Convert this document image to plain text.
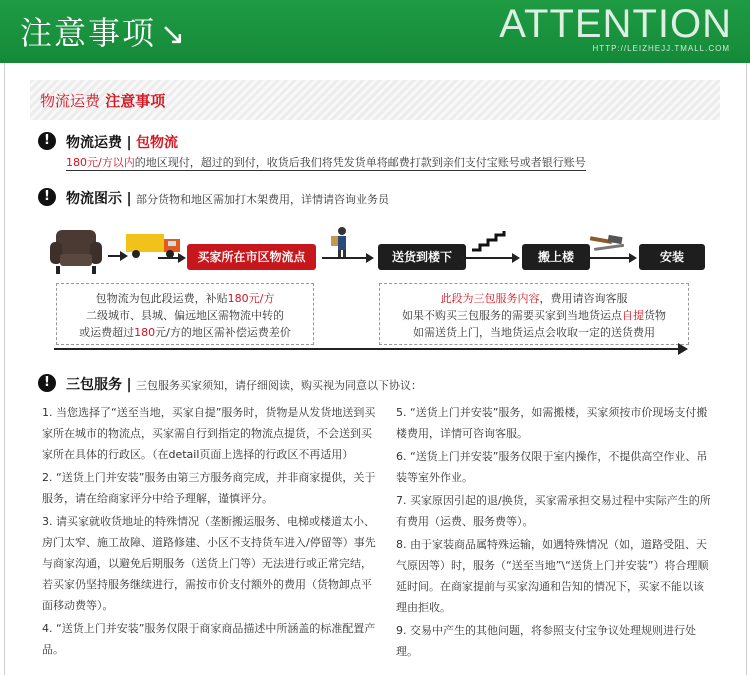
注意事项 ↘	ATTENTION
HTTP://LEIZHEJJ.TMALL.COM
物流运费 注意事项
!	物流运费 | 包物流
180元/方以内的地区现付，超过的到付，收货后我们将凭发货单将邮费打款到亲们支付宝账号或者银行账号
!	物流图示 | 部分货物和地区需加打木架费用，详情请咨询业务员
买家所在市区物流点	送货到楼下	搬上楼	安装
包物流为包此段运费，补贴180元/方
二级城市、县城、偏远地区需物流中转的
或运费超过180元/方的地区需补偿运费差价
此段为三包服务内容，费用请咨询客服
如果不购买三包服务的需要买家到当地货运点自提货物
如需送货上门，当地货运点会收取一定的送货费用
!	三包服务 | 三包服务买家须知，请仔细阅读，购买视为同意以下协议：

1. 当您选择了“送至当地，买家自提”服务时，货物是从发货地送到买家所在城市的物流点，买家需自行到指定的物流点提货，不会送到买家所在具体的行政区。（在detail页面上选择的行政区不再适用）

2. “送货上门并安装”服务由第三方服务商完成，并非商家提供，关于服务，请在给商家评分中给予理解，谨慎评分。

3. 请买家就收货地址的特殊情况（垄断搬运服务、电梯或楼道太小、房门太窄、施工故障、道路修建、小区不支持货车进入/停留等）事先与商家沟通，以避免后期服务（送货上门等）无法进行或正常完结，若买家仍坚持服务继续进行，需按市价支付额外的费用（货物卸点平面移动费等）。

4. “送货上门并安装”服务仅限于商家商品描述中所涵盖的标准配置产品。

5. “送货上门并安装”服务，如需搬楼，买家须按市价现场支付搬楼费用，详情可咨询客服。

6. “送货上门并安装”服务仅限于室内操作，不提供高空作业、吊装等室外作业。

7. 买家原因引起的退/换货，买家需承担交易过程中实际产生的所有费用（运费、服务费等）。

8. 由于家装商品属特殊运输，如遇特殊情况（如，道路受阻、天气原因等）时，服务（“送至当地”\“送货上门并安装”）将合理顺延时间。在商家提前与买家沟通和告知的情况下，买家不能以该理由拒收。

9. 交易中产生的其他问题，将参照支付宝争议处理规则进行处理。
